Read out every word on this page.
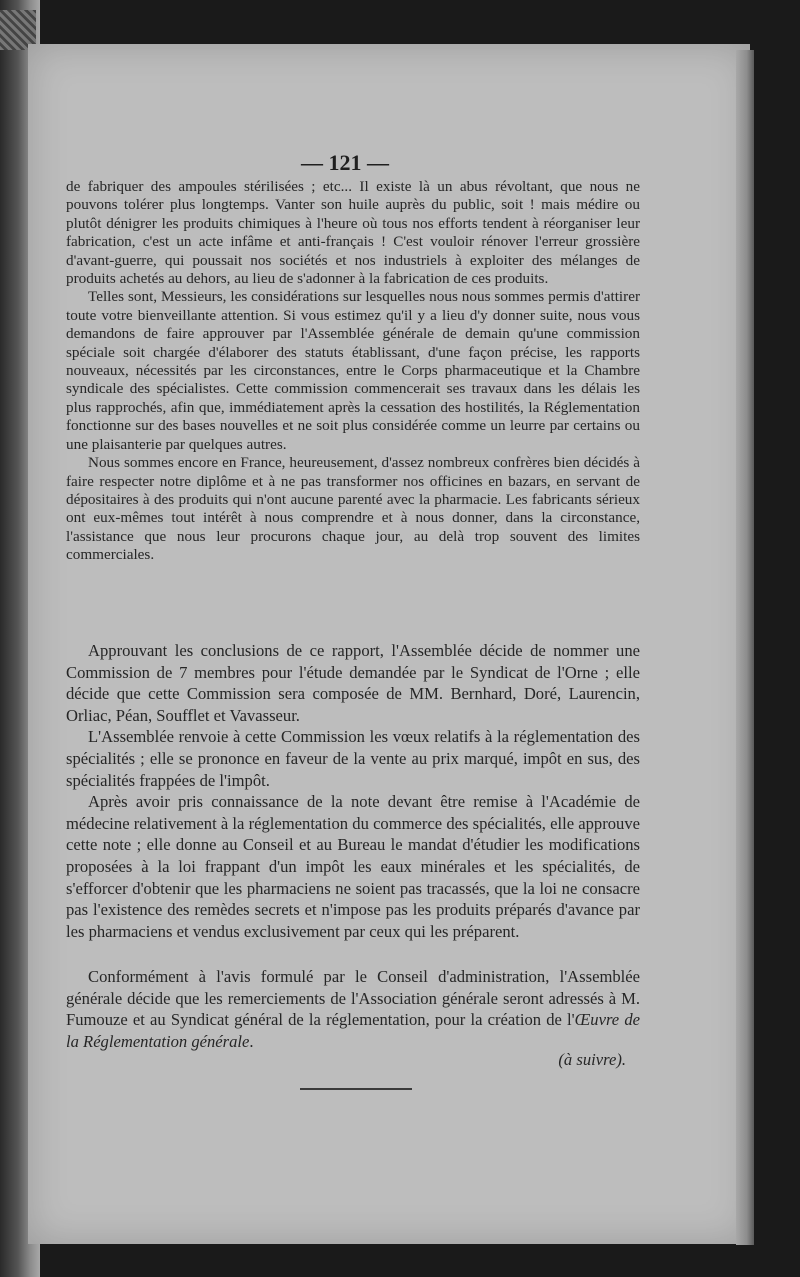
— 121 —

de fabriquer des ampoules stérilisées ; etc... Il existe là un abus révoltant, que nous ne pouvons tolérer plus longtemps. Vanter son huile auprès du public, soit ! mais médire ou plutôt dénigrer les produits chimiques à l'heure où tous nos efforts tendent à réorganiser leur fabrication, c'est un acte infâme et anti-français ! C'est vouloir rénover l'erreur grossière d'avant-guerre, qui poussait nos sociétés et nos industriels à exploiter des mélanges de produits achetés au dehors, au lieu de s'adonner à la fabrication de ces produits.

Telles sont, Messieurs, les considérations sur lesquelles nous nous sommes permis d'attirer toute votre bienveillante attention. Si vous estimez qu'il y a lieu d'y donner suite, nous vous demandons de faire approuver par l'Assemblée générale de demain qu'une commission spéciale soit chargée d'élaborer des statuts établissant, d'une façon précise, les rapports nouveaux, nécessités par les circonstances, entre le Corps pharmaceutique et la Chambre syndicale des spécialistes. Cette commission commencerait ses travaux dans les délais les plus rapprochés, afin que, immédiatement après la cessation des hostilités, la Réglementation fonctionne sur des bases nouvelles et ne soit plus considérée comme un leurre par certains ou une plaisanterie par quelques autres.

Nous sommes encore en France, heureusement, d'assez nombreux confrères bien décidés à faire respecter notre diplôme et à ne pas transformer nos officines en bazars, en servant de dépositaires à des produits qui n'ont aucune parenté avec la pharmacie. Les fabricants sérieux ont eux-mêmes tout intérêt à nous comprendre et à nous donner, dans la circonstance, l'assistance que nous leur procurons chaque jour, au delà trop souvent des limites commerciales.

Approuvant les conclusions de ce rapport, l'Assemblée décide de nommer une Commission de 7 membres pour l'étude demandée par le Syndicat de l'Orne ; elle décide que cette Commission sera composée de MM. Bernhard, Doré, Laurencin, Orliac, Péan, Soufflet et Vavasseur.

L'Assemblée renvoie à cette Commission les vœux relatifs à la réglementation des spécialités ; elle se prononce en faveur de la vente au prix marqué, impôt en sus, des spécialités frappées de l'impôt.

Après avoir pris connaissance de la note devant être remise à l'Académie de médecine relativement à la réglementation du commerce des spécialités, elle approuve cette note ; elle donne au Conseil et au Bureau le mandat d'étudier les modifications proposées à la loi frappant d'un impôt les eaux minérales et les spécialités, de s'efforcer d'obtenir que les pharmaciens ne soient pas tracassés, que la loi ne consacre pas l'existence des remèdes secrets et n'impose pas les produits préparés d'avance par les pharmaciens et vendus exclusivement par ceux qui les préparent.

Conformément à l'avis formulé par le Conseil d'administration, l'Assemblée générale décide que les remerciements de l'Association générale seront adressés à M. Fumouze et au Syndicat général de la réglementation, pour la création de l'Œuvre de la Réglementation générale.

(à suivre).
